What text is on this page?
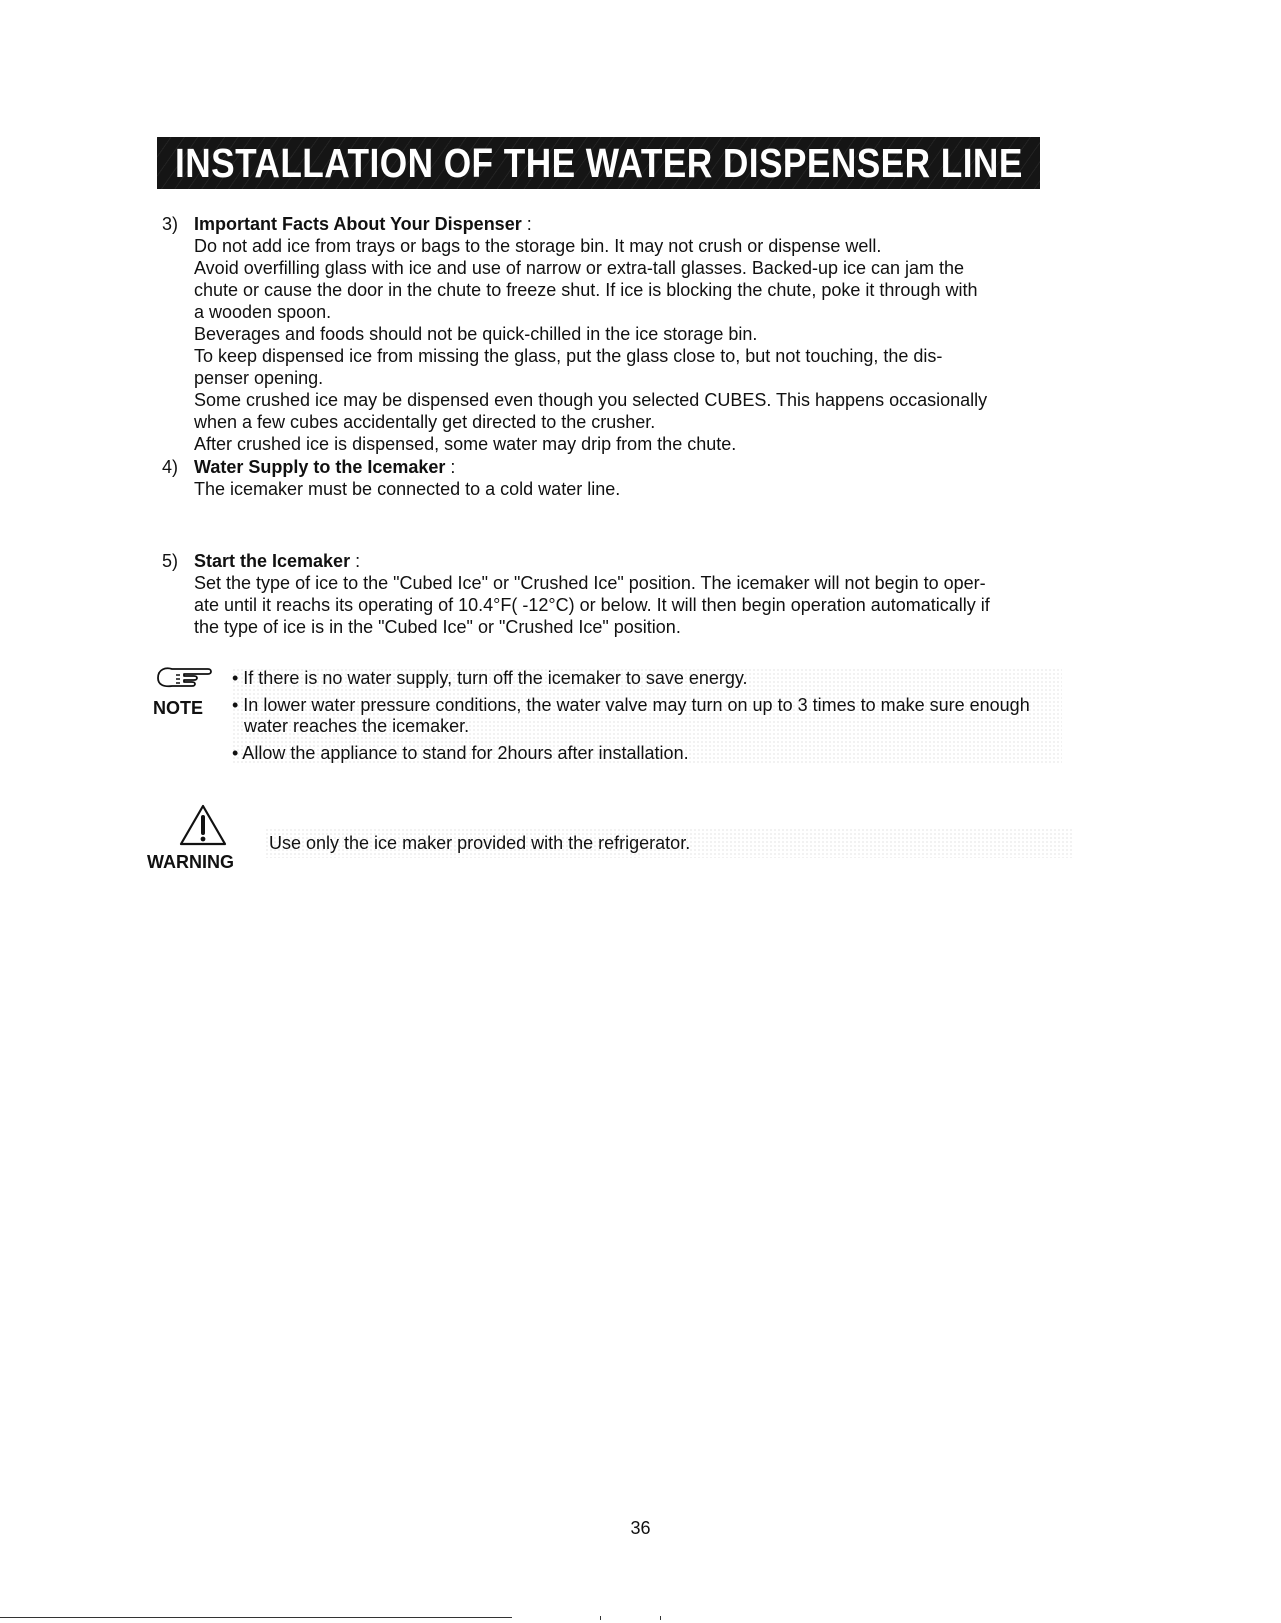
INSTALLATION OF THE WATER DISPENSER LINE
3) Important Facts About Your Dispenser :
Do not add ice from trays or bags to the storage bin. It may not crush or dispense well.
Avoid overfilling glass with ice and use of narrow or extra-tall glasses. Backed-up ice can jam the
chute or cause the door in the chute to freeze shut. If ice is blocking the chute, poke it through with
a wooden spoon.
Beverages and foods should not be quick-chilled in the ice storage bin.
To keep dispensed ice from missing the glass, put the glass close to, but not touching, the dis-
penser opening.
Some crushed ice may be dispensed even though you selected CUBES. This happens occasionally
when a few cubes accidentally get directed to the crusher.
After crushed ice is dispensed, some water may drip from the chute.
4) Water Supply to the Icemaker :
The icemaker must be connected to a cold water line.
5) Start the Icemaker :
Set the type of ice to the "Cubed Ice" or "Crushed Ice" position. The icemaker will not begin to oper-
ate until it reachs its operating of 10.4°F( -12°C) or below. It will then begin operation automatically if
the type of ice is in the "Cubed Ice" or "Crushed Ice" position.
NOTE
• If there is no water supply, turn off the icemaker to save energy.
• In lower water pressure conditions, the water valve may turn on up to 3 times to make sure enough
water reaches the icemaker.
• Allow the appliance to stand for 2hours after installation.
WARNING
Use only the ice maker provided with the refrigerator.
36
